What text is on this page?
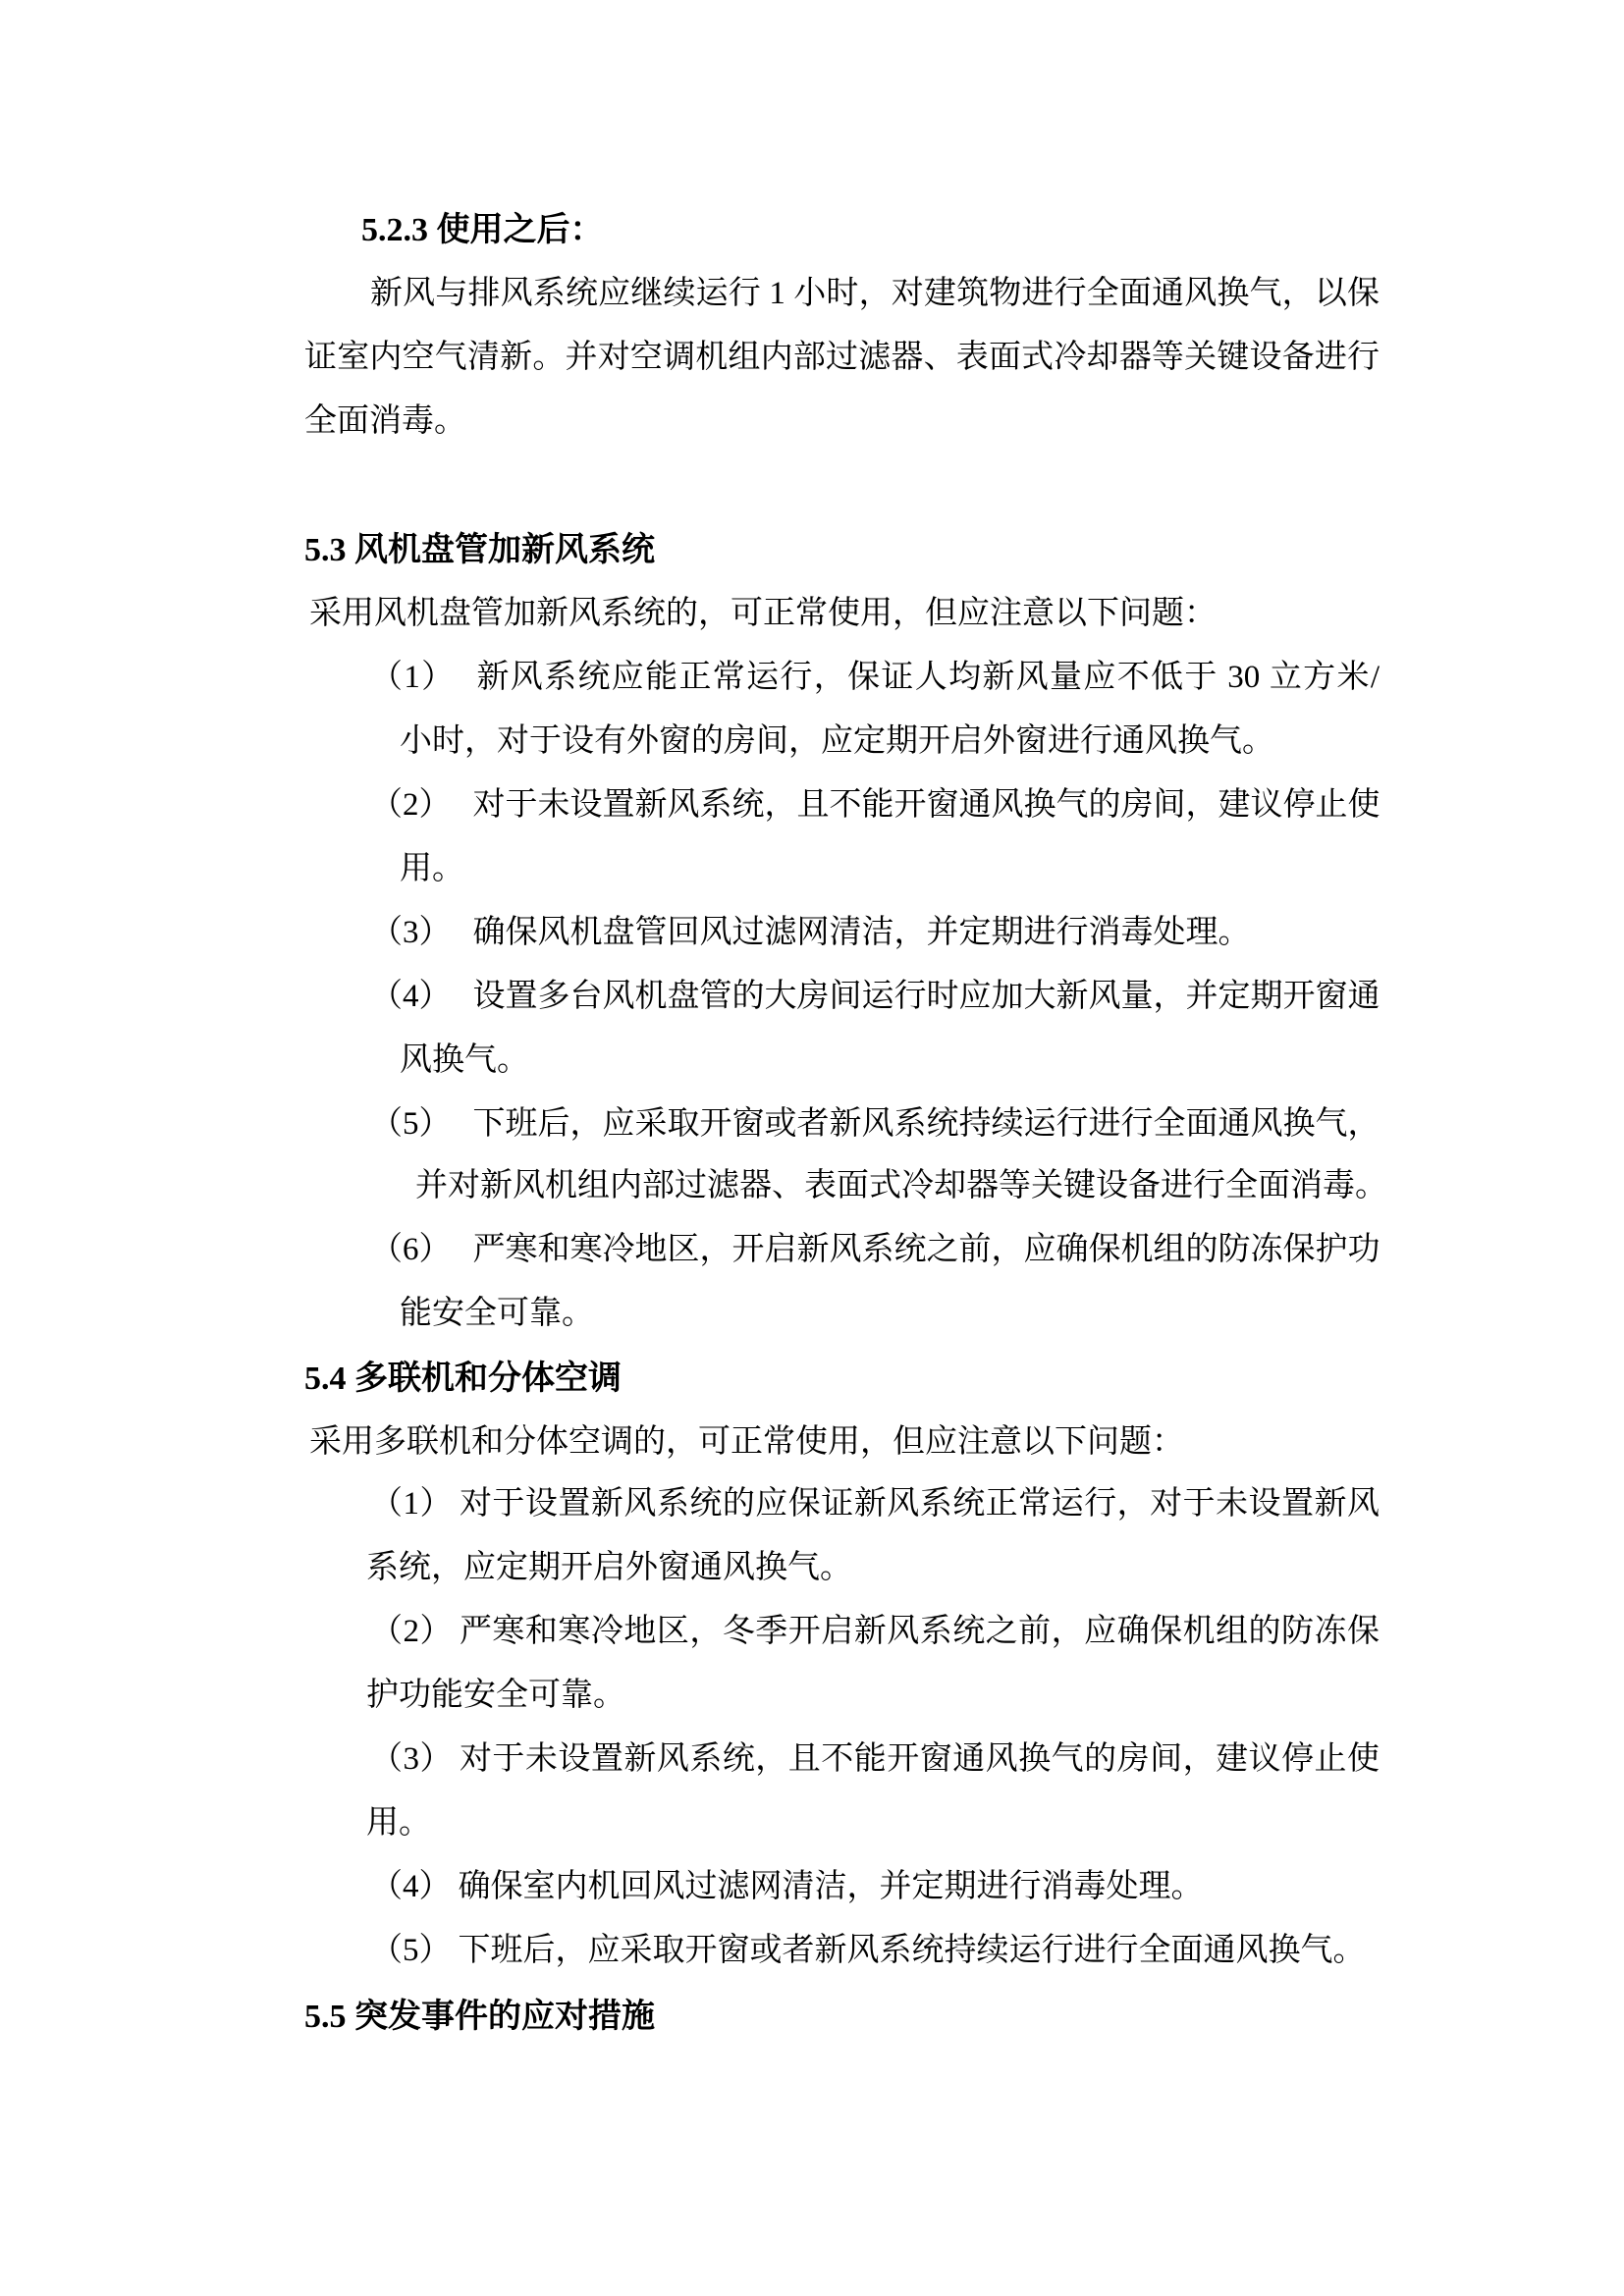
5.2.3 使用之后：
新风与排风系统应继续运行 1 小时，对建筑物进行全面通风换气，以保
证室内空气清新。并对空调机组内部过滤器、表面式冷却器等关键设备进行
全面消毒。
5.3 风机盘管加新风系统
采用风机盘管加新风系统的，可正常使用，但应注意以下问题：
（1） 新风系统应能正常运行，保证人均新风量应不低于 30 立方米/
小时，对于设有外窗的房间，应定期开启外窗进行通风换气。
（2） 对于未设置新风系统，且不能开窗通风换气的房间，建议停止使
用。
（3） 确保风机盘管回风过滤网清洁，并定期进行消毒处理。
（4） 设置多台风机盘管的大房间运行时应加大新风量，并定期开窗通
风换气。
（5） 下班后，应采取开窗或者新风系统持续运行进行全面通风换气，
并对新风机组内部过滤器、表面式冷却器等关键设备进行全面消毒。
（6） 严寒和寒冷地区，开启新风系统之前，应确保机组的防冻保护功
能安全可靠。
5.4 多联机和分体空调
采用多联机和分体空调的，可正常使用，但应注意以下问题：
（1） 对于设置新风系统的应保证新风系统正常运行，对于未设置新风
系统，应定期开启外窗通风换气。
（2） 严寒和寒冷地区，冬季开启新风系统之前，应确保机组的防冻保
护功能安全可靠。
（3） 对于未设置新风系统，且不能开窗通风换气的房间，建议停止使
用。
（4） 确保室内机回风过滤网清洁，并定期进行消毒处理。
（5） 下班后，应采取开窗或者新风系统持续运行进行全面通风换气。
5.5 突发事件的应对措施
